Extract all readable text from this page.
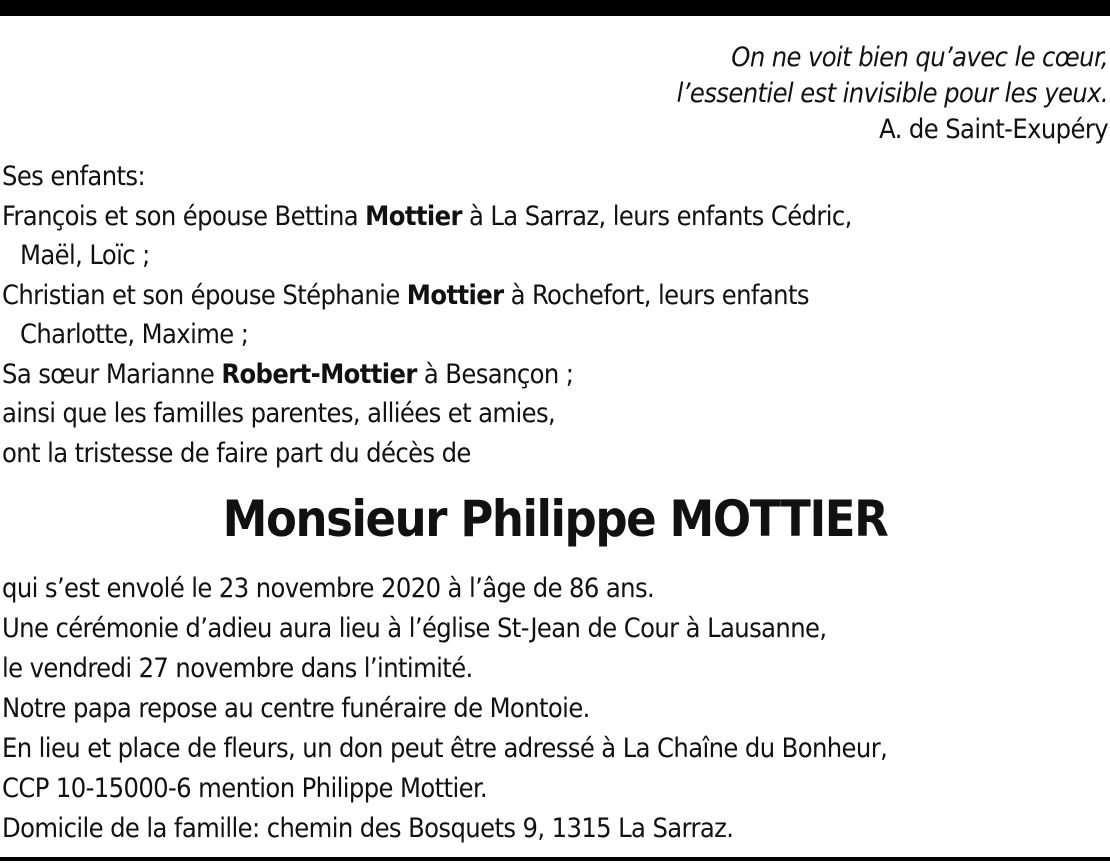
On ne voit bien qu’avec le cœur,
l’essentiel est invisible pour les yeux.
A. de Saint-Exupéry
Ses enfants:
François et son épouse Bettina Mottier à La Sarraz, leurs enfants Cédric,
Maël, Loïc ;
Christian et son épouse Stéphanie Mottier à Rochefort, leurs enfants
Charlotte, Maxime ;
Sa sœur Marianne Robert-Mottier à Besançon ;
ainsi que les familles parentes, alliées et amies,
ont la tristesse de faire part du décès de
Monsieur Philippe MOTTIER
qui s’est envolé le 23 novembre 2020 à l’âge de 86 ans.
Une cérémonie d’adieu aura lieu à l’église St-Jean de Cour à Lausanne,
le vendredi 27 novembre dans l’intimité.
Notre papa repose au centre funéraire de Montoie.
En lieu et place de fleurs, un don peut être adressé à La Chaîne du Bonheur,
CCP 10-15000-6 mention Philippe Mottier.
Domicile de la famille: chemin des Bosquets 9, 1315 La Sarraz.
